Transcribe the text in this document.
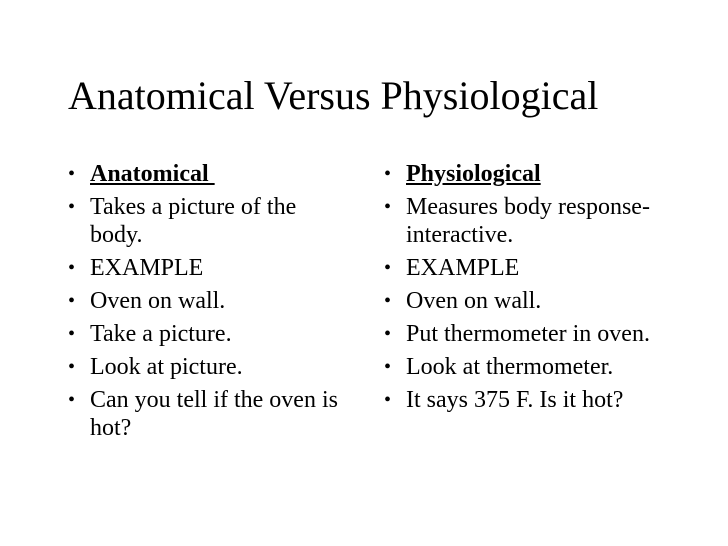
Anatomical Versus Physiological
• Anatomical
• Takes a picture of the body.
• EXAMPLE
• Oven on wall.
• Take a picture.
• Look at picture.
• Can you tell if the oven is hot?
• Physiological
• Measures body response- interactive.
• EXAMPLE
• Oven on wall.
• Put thermometer in oven.
• Look at thermometer.
• It says 375 F. Is it hot?
